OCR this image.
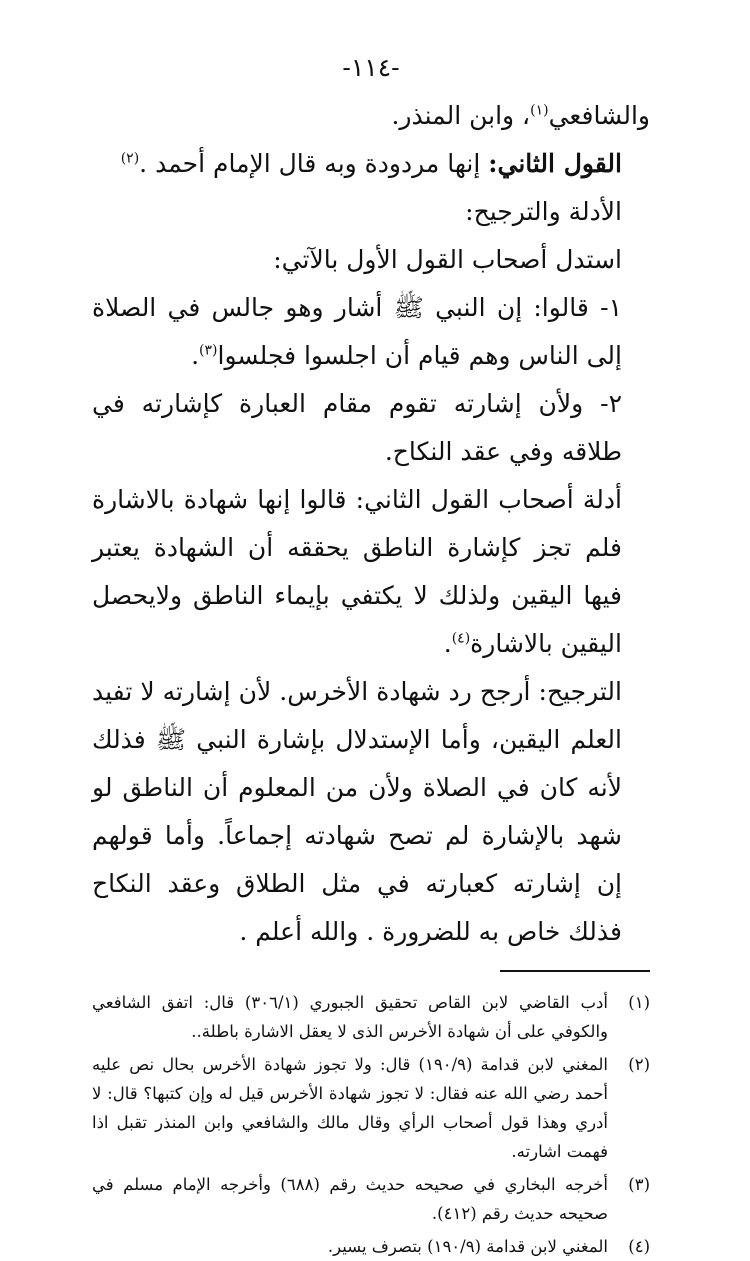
-١١٤-

والشافعي$^{(١)}$، وابن المنذر.

القول الثاني: إنها مردودة وبه قال الإمام أحمد .$^{(٢)}$

الأدلة والترجيح:

استدل أصحاب القول الأول بالآتي:

١- قالوا: إن النبي ﷺ أشار وهو جالس في الصلاة إلى الناس وهم قيام أن اجلسوا فجلسوا$^{(٣)}$.

٢- ولأن إشارته تقوم مقام العبارة كإشارته في طلاقه وفي عقد النكاح.

أدلة أصحاب القول الثاني: قالوا إنها شهادة بالاشارة فلم تجز كإشارة الناطق يحققه أن الشهادة يعتبر فيها اليقين ولذلك لا يكتفي بإيماء الناطق ولايحصل اليقين بالاشارة$^{(٤)}$.

الترجيح: أرجح رد شهادة الأخرس. لأن إشارته لا تفيد العلم اليقين، وأما الإستدلال بإشارة النبي ﷺ فذلك لأنه كان في الصلاة ولأن من المعلوم أن الناطق لو شهد بالإشارة لم تصح شهادته إجماعاً. وأما قولهم إن إشارته كعبارته في مثل الطلاق وعقد النكاح فذلك خاص به للضرورة . والله أعلم .

(١)
أدب القاضي لابن القاص تحقيق الجبوري (٣٠٦/١) قال: اتفق الشافعي والكوفي على أن شهادة الأخرس الذى لا يعقل الاشارة باطلة..
(٢)
المغني لابن قدامة (١٩٠/٩) قال: ولا تجوز شهادة الأخرس بحال نص عليه أحمد رضي الله عنه فقال: لا تجوز شهادة الأخرس قيل له وإن كتبها؟ قال: لا أدري وهذا قول أصحاب الرأي وقال مالك والشافعي وابن المنذر تقبل اذا فهمت اشارته.
(٣)
أخرجه البخاري في صحيحه حديث رقم (٦٨٨) وأخرجه الإمام مسلم في صحيحه حديث رقم (٤١٢).
(٤)
المغني لابن قدامة (١٩٠/٩) بتصرف يسير.
